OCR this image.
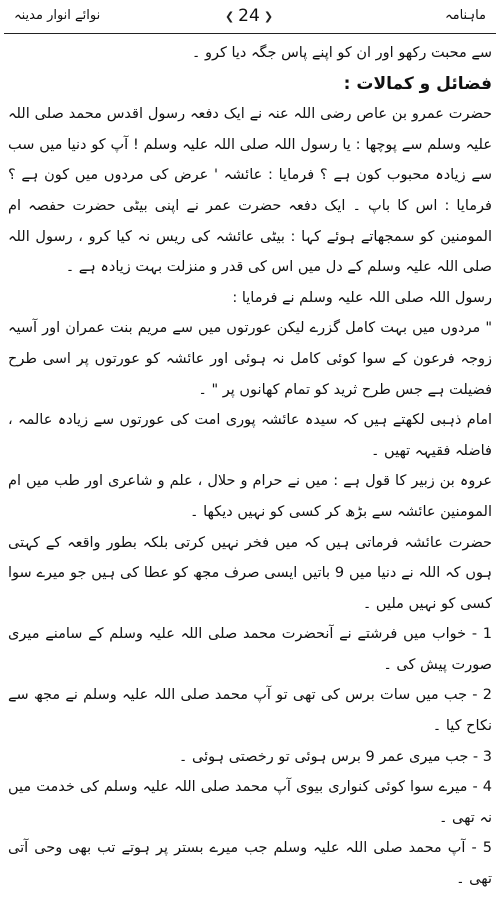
نوائے انوار مدینہ	❮ 24 ❯	ماہنامہ

سے محبت رکھو اور ان کو اپنے پاس جگہ دیا کرو ۔

فضائل و کمالات :

حضرت عمرو بن عاص رضی اللہ عنہ نے ایک دفعہ رسول اقدس محمد صلی اللہ علیہ وسلم سے پوچھا : یا رسول اللہ صلی اللہ علیہ وسلم ! آپ کو دنیا میں سب سے زیادہ محبوب کون ہے ؟ فرمایا : عائشہ ' عرض کی مردوں میں کون ہے ؟ فرمایا : اس کا باپ ۔ ایک دفعہ حضرت عمر نے اپنی بیٹی حضرت حفصہ ام المومنین کو سمجھاتے ہوئے کہا : بیٹی عائشہ کی ریس نہ کیا کرو ، رسول اللہ صلی اللہ علیہ وسلم کے دل میں اس کی قدر و منزلت بہت زیادہ ہے ۔

رسول اللہ صلی اللہ علیہ وسلم نے فرمایا :

" مردوں میں بہت کامل گزرے لیکن عورتوں میں سے مریم بنت عمران اور آسیہ زوجہ فرعون کے سوا کوئی کامل نہ ہوئی اور عائشہ کو عورتوں پر اسی طرح فضیلت ہے جس طرح ثرید کو تمام کھانوں پر " ۔

امام ذہبی لکھتے ہیں کہ سیدہ عائشہ پوری امت کی عورتوں سے زیادہ عالمہ ، فاضلہ فقیہہ تھیں ۔

عروہ بن زبیر کا قول ہے : میں نے حرام و حلال ، علم و شاعری اور طب میں ام المومنین عائشہ سے بڑھ کر کسی کو نہیں دیکھا ۔

حضرت عائشہ فرماتی ہیں کہ میں فخر نہیں کرتی بلکہ بطور واقعہ کے کہتی ہوں کہ اللہ نے دنیا میں 9 باتیں ایسی صرف مجھ کو عطا کی ہیں جو میرے سوا کسی کو نہیں ملیں ۔

1 - خواب میں فرشتے نے آنحضرت محمد صلی اللہ علیہ وسلم کے سامنے میری صورت پیش کی ۔

2 - جب میں سات برس کی تھی تو آپ محمد صلی اللہ علیہ وسلم نے مجھ سے نکاح کیا ۔

3 - جب میری عمر 9 برس ہوئی تو رخصتی ہوئی ۔

4 - میرے سوا کوئی کنواری بیوی آپ محمد صلی اللہ علیہ وسلم کی خدمت میں نہ تھی ۔

5 - آپ محمد صلی اللہ علیہ وسلم جب میرے بستر پر ہوتے تب بھی وحی آتی تھی ۔
